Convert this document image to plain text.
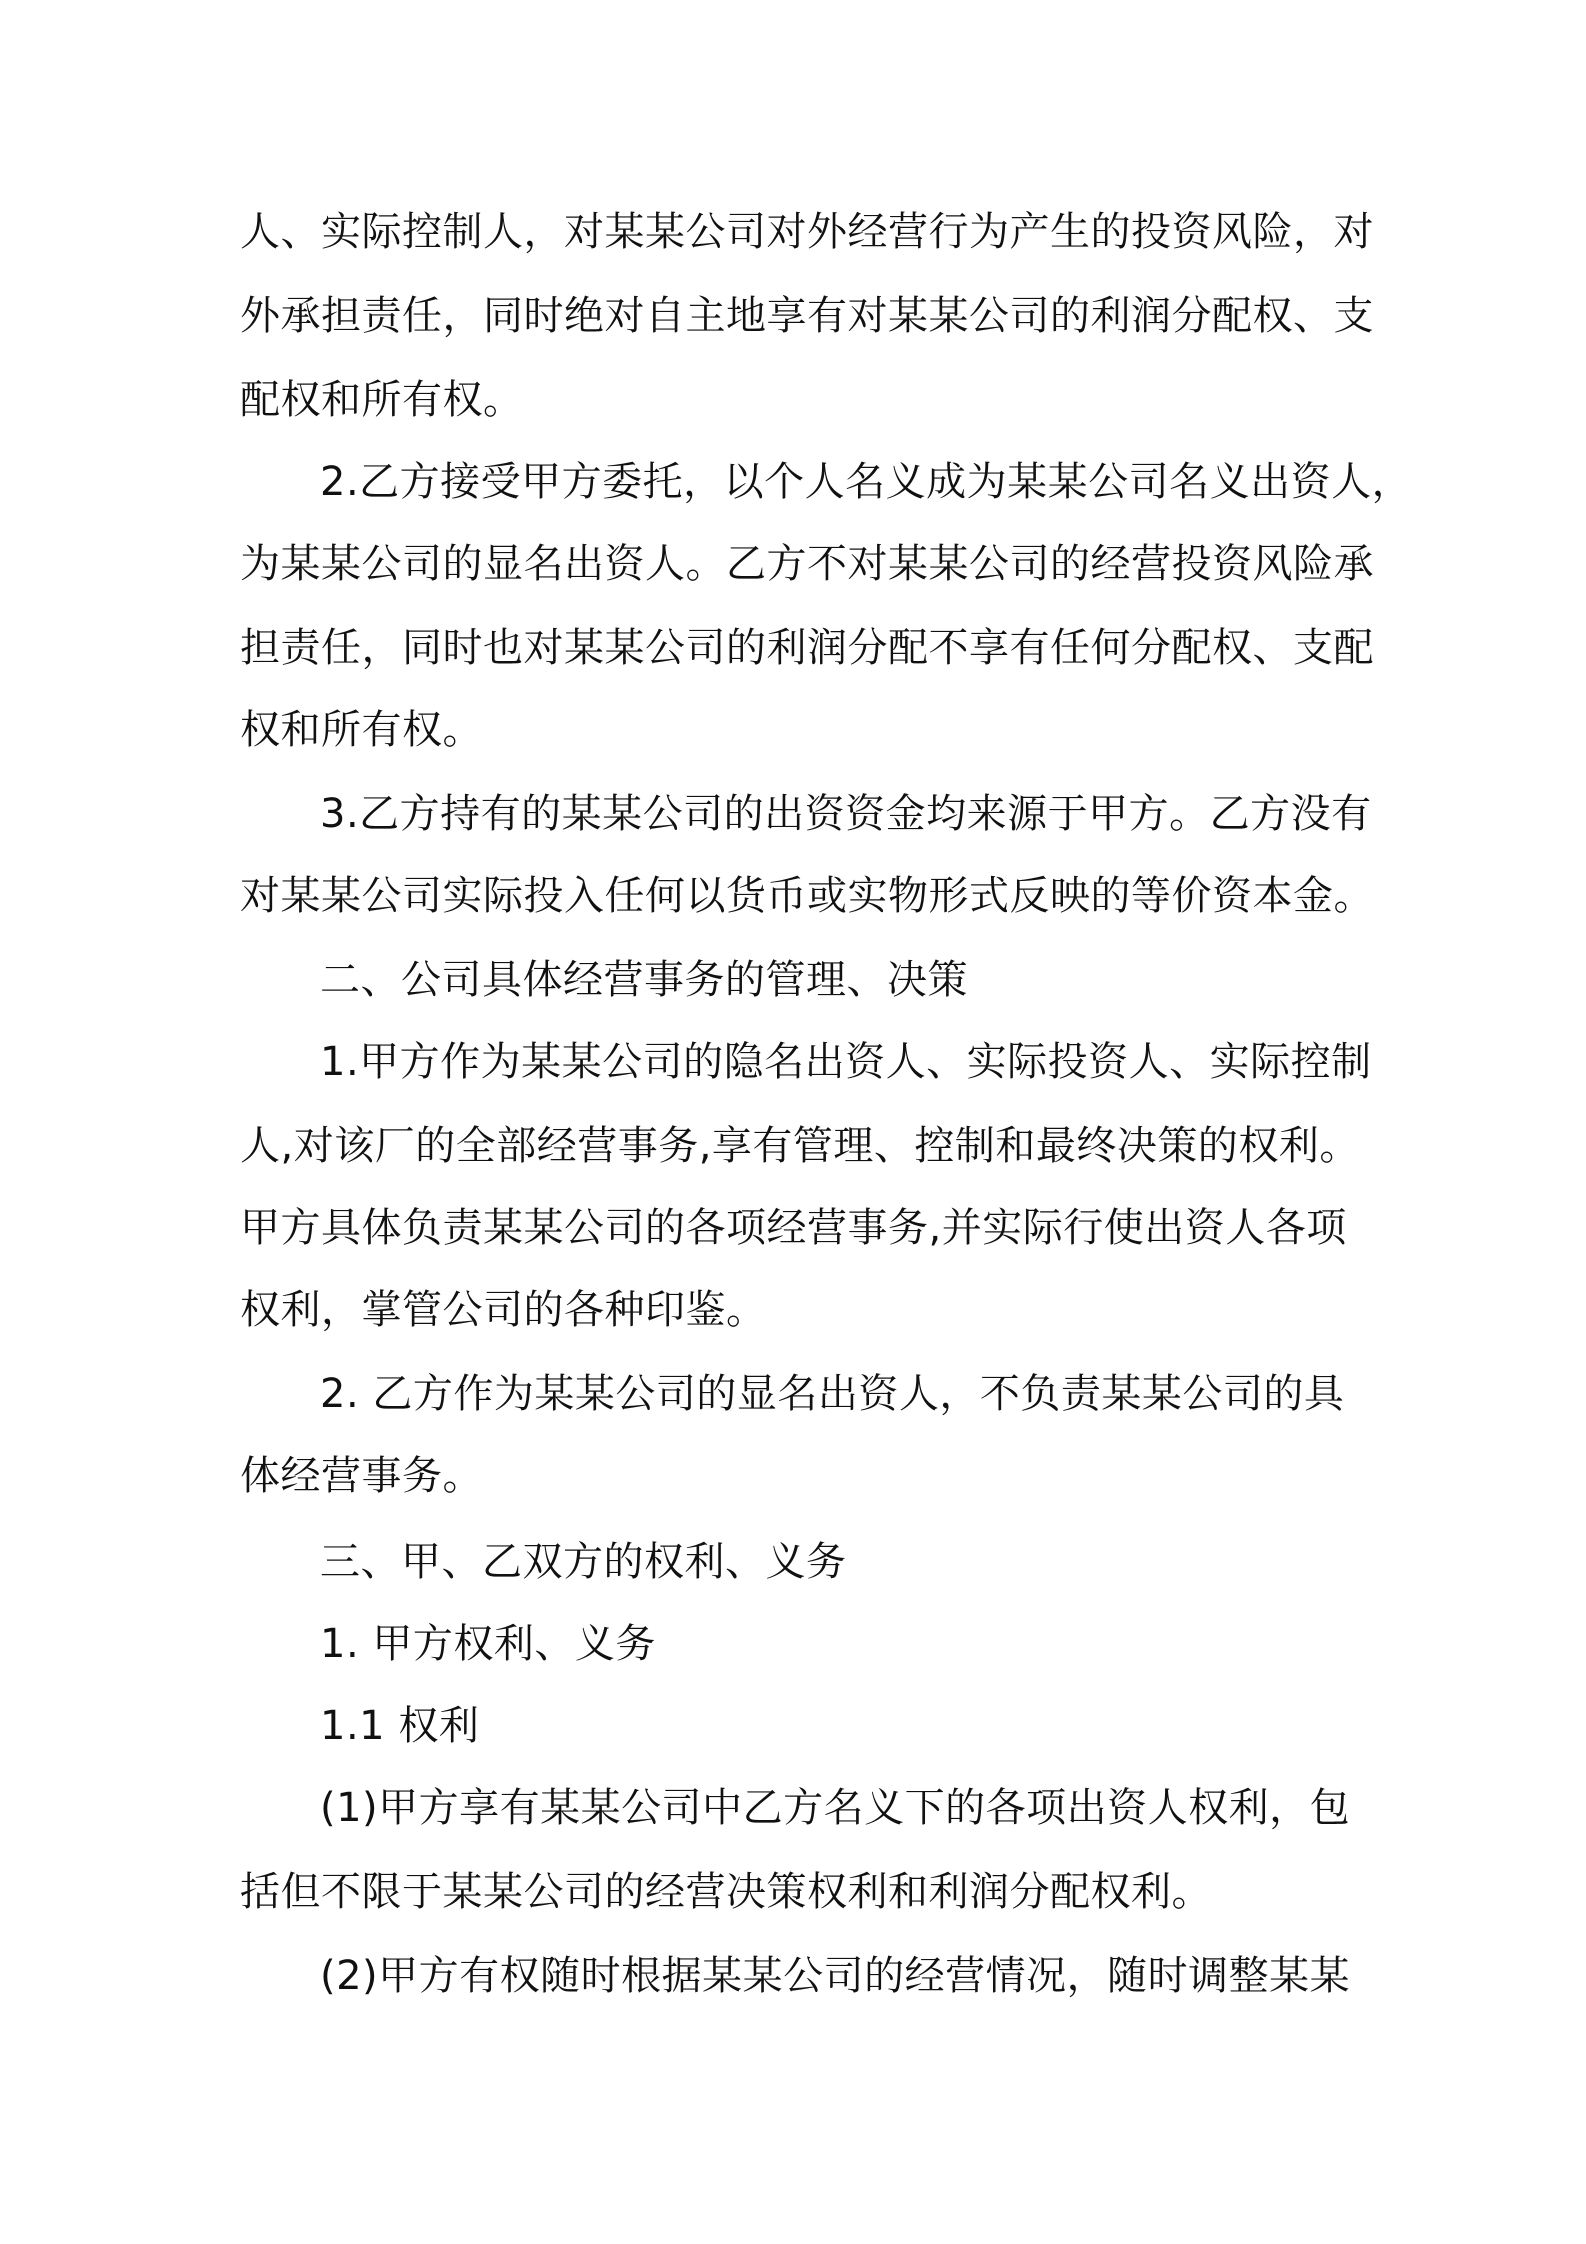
人、实际控制人，对某某公司对外经营行为产生的投资风险，对

外承担责任，同时绝对自主地享有对某某公司的利润分配权、支

配权和所有权。

2.乙方接受甲方委托，以个人名义成为某某公司名义出资人，

为某某公司的显名出资人。乙方不对某某公司的经营投资风险承

担责任，同时也对某某公司的利润分配不享有任何分配权、支配

权和所有权。

3.乙方持有的某某公司的出资资金均来源于甲方。乙方没有

对某某公司实际投入任何以货币或实物形式反映的等价资本金。

二、公司具体经营事务的管理、决策

1.甲方作为某某公司的隐名出资人、实际投资人、实际控制

人,对该厂的全部经营事务,享有管理、控制和最终决策的权利。

甲方具体负责某某公司的各项经营事务,并实际行使出资人各项

权利，掌管公司的各种印鉴。

2. 乙方作为某某公司的显名出资人，不负责某某公司的具

体经营事务。

三、甲、乙双方的权利、义务

1. 甲方权利、义务

1.1 权利

(1)甲方享有某某公司中乙方名义下的各项出资人权利，包

括但不限于某某公司的经营决策权利和利润分配权利。

(2)甲方有权随时根据某某公司的经营情况，随时调整某某
